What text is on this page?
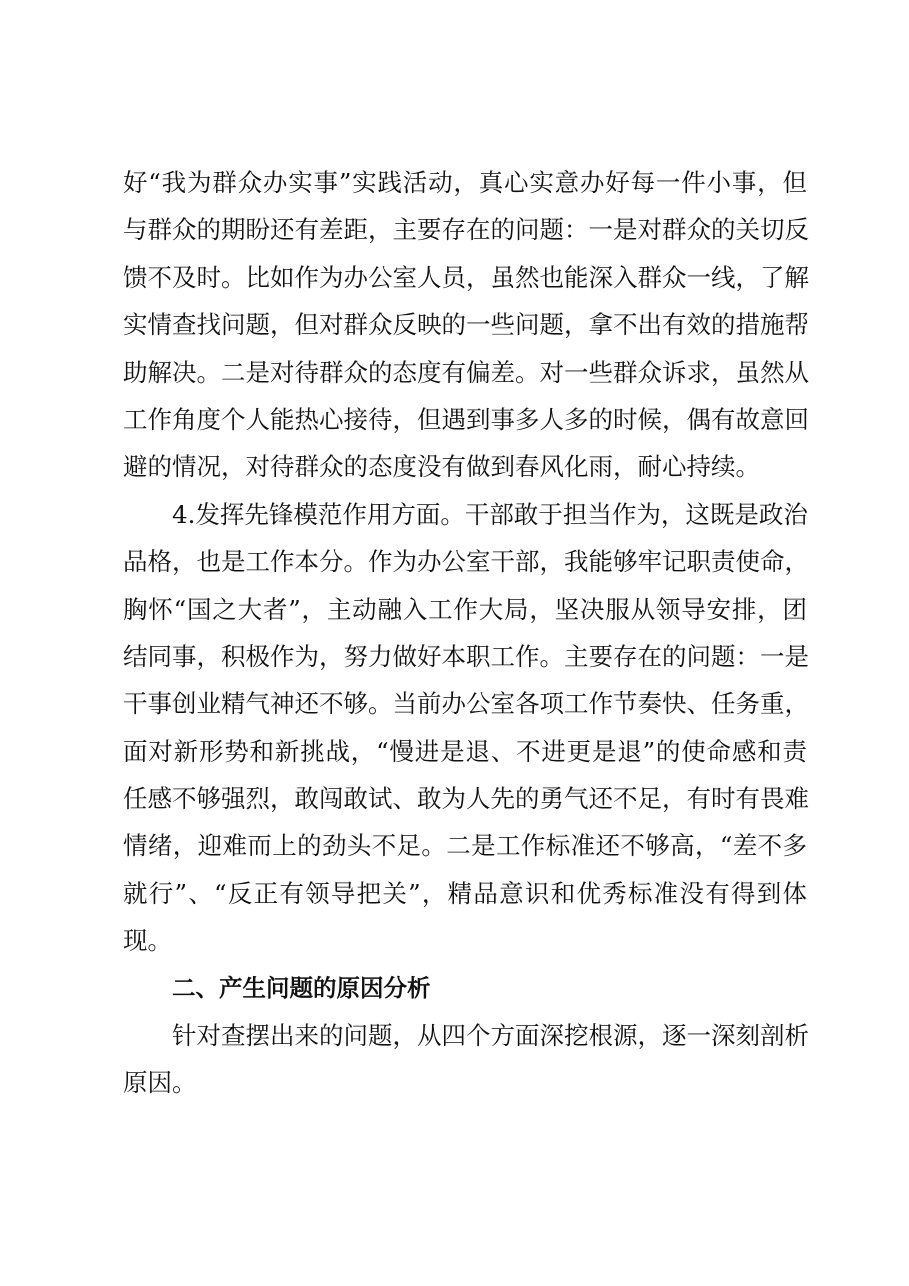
好“我为群众办实事”实践活动，真心实意办好每一件小事，但
与群众的期盼还有差距，主要存在的问题：一是对群众的关切反
馈不及时。比如作为办公室人员，虽然也能深入群众一线，了解
实情查找问题，但对群众反映的一些问题，拿不出有效的措施帮
助解决。二是对待群众的态度有偏差。对一些群众诉求，虽然从
工作角度个人能热心接待，但遇到事多人多的时候，偶有故意回
避的情况，对待群众的态度没有做到春风化雨，耐心持续。
4.发挥先锋模范作用方面。干部敢于担当作为，这既是政治
品格，也是工作本分。作为办公室干部，我能够牢记职责使命，
胸怀“国之大者”，主动融入工作大局，坚决服从领导安排，团
结同事，积极作为，努力做好本职工作。主要存在的问题：一是
干事创业精气神还不够。当前办公室各项工作节奏快、任务重，
面对新形势和新挑战，“慢进是退、不进更是退”的使命感和责
任感不够强烈，敢闯敢试、敢为人先的勇气还不足，有时有畏难
情绪，迎难而上的劲头不足。二是工作标准还不够高，“差不多
就行”、“反正有领导把关”，精品意识和优秀标准没有得到体
现。
二、产生问题的原因分析
针对查摆出来的问题，从四个方面深挖根源，逐一深刻剖析
原因。
